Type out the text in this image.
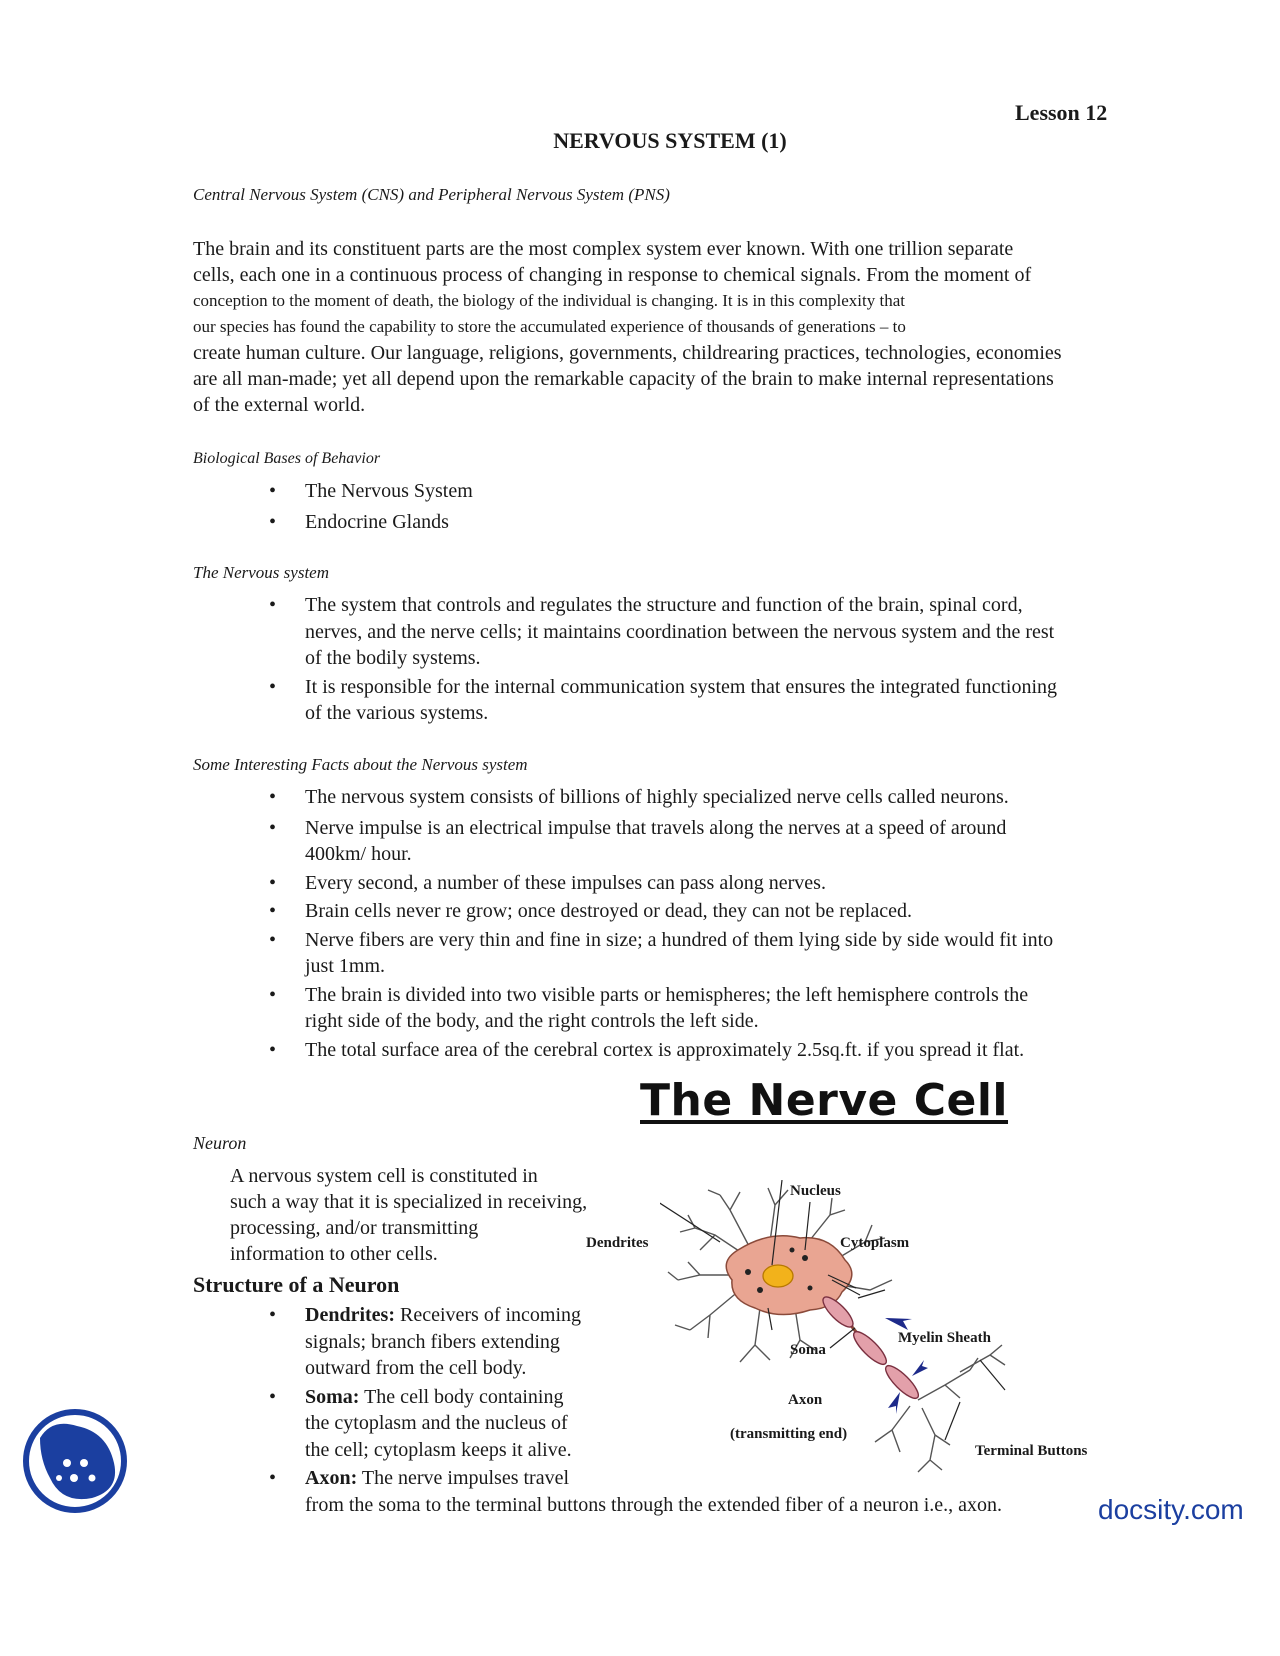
Lesson 12
NERVOUS SYSTEM (1)
Central Nervous System (CNS) and Peripheral Nervous System (PNS)

The brain and its constituent parts are the most complex system ever known. With one trillion separate

cells, each one in a continuous process of changing in response to chemical signals. From the moment of

conception to the moment of death, the biology of the individual is changing. It is in this complexity that

our species has found the capability to store the accumulated experience of thousands of generations – to

create human culture. Our language, religions, governments, childrearing practices, technologies, economies

are all man-made; yet all depend upon the remarkable capacity of the brain to make internal representations

of the external world.

Biological Bases of Behavior
• The Nervous System
• Endocrine Glands
The Nervous system
• The system that controls and regulates the structure and function of the brain, spinal cord,
nerves, and the nerve cells; it maintains coordination between the nervous system and the rest
of the bodily systems.
• It is responsible for the internal communication system that ensures the integrated functioning
of the various systems.
Some Interesting Facts about the Nervous system
• The nervous system consists of billions of highly specialized nerve cells called neurons.
• Nerve impulse is an electrical impulse that travels along the nerves at a speed of around
400km/ hour.
• Every second, a number of these impulses can pass along nerves.
• Brain cells never re grow; once destroyed or dead, they can not be replaced.
• Nerve fibers are very thin and fine in size; a hundred of them lying side by side would fit into
just 1mm.
• The brain is divided into two visible parts or hemispheres; the left hemisphere controls the
right side of the body, and the right controls the left side.
• The total surface area of the cerebral cortex is approximately 2.5sq.ft. if you spread it flat.
The Nerve Cell
Neuron

A nervous system cell is constituted in

such a way that it is specialized in receiving,

processing, and/or transmitting

information to other cells.

Structure of a Neuron
• Dendrites: Receivers of incoming
signals; branch fibers extending
outward from the cell body.
• Soma: The cell body containing
the cytoplasm and the nucleus of
the cell; cytoplasm keeps it alive.
• Axon: The nerve impulses travel
from the soma to the terminal buttons through the extended fiber of a neuron i.e., axon.
Nucleus
Dendrites	Cytoplasm
Myelin Sheath
Soma
Axon
(transmitting end)
Terminal Buttons
docsity.com
